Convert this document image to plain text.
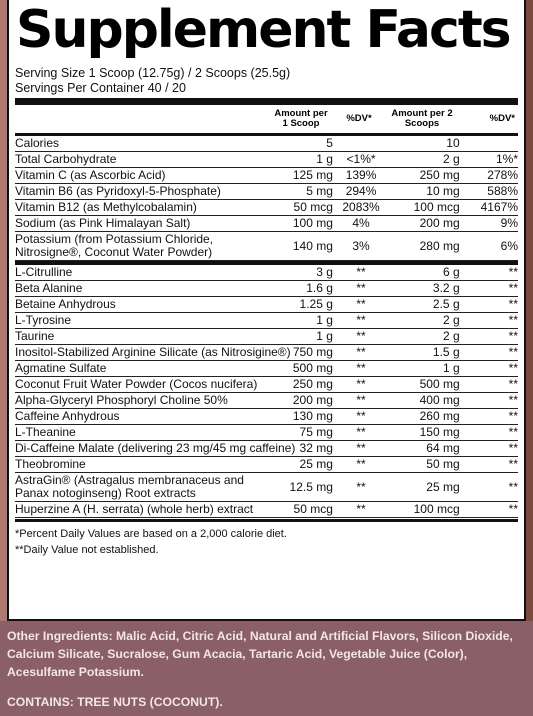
Supplement Facts
Serving Size 1 Scoop (12.75g) / 2 Scoops (25.5g)
Servings Per Container 40 / 20
Amount per 1 Scoop	%DV*	Amount per 2 Scoops	%DV*
Calories	5		10	
Total Carbohydrate	1 g	<1%*	2 g	1%*
Vitamin C (as Ascorbic Acid)	125 mg	139%	250 mg	278%
Vitamin B6 (as Pyridoxyl-5-Phosphate)	5 mg	294%	10 mg	588%
Vitamin B12 (as Methylcobalamin)	50 mcg	2083%	100 mcg	4167%
Sodium (as Pink Himalayan Salt)	100 mg	4%	200 mg	9%
Potassium (from Potassium Chloride, Nitrosigne®, Coconut Water Powder)	140 mg	3%	280 mg	6%
L-Citrulline	3 g	**	6 g	**
Beta Alanine	1.6 g	**	3.2 g	**
Betaine Anhydrous	1.25 g	**	2.5 g	**
L-Tyrosine	1 g	**	2 g	**
Taurine	1 g	**	2 g	**
Inositol-Stabilized Arginine Silicate (as Nitrosigine®)	750 mg	**	1.5 g	**
Agmatine Sulfate	500 mg	**	1 g	**
Coconut Fruit Water Powder (Cocos nucifera)	250 mg	**	500 mg	**
Alpha-Glyceryl Phosphoryl Choline 50%	200 mg	**	400 mg	**
Caffeine Anhydrous	130 mg	**	260 mg	**
L-Theanine	75 mg	**	150 mg	**
Di-Caffeine Malate (delivering 23 mg/45 mg caffeine)	32 mg	**	64 mg	**
Theobromine	25 mg	**	50 mg	**
AstraGin® (Astragalus membranaceus and Panax notoginseng) Root extracts	12.5 mg	**	25 mg	**
Huperzine A (H. serrata) (whole herb) extract	50 mcg	**	100 mcg	**
*Percent Daily Values are based on a 2,000 calorie diet.
**Daily Value not established.
Other Ingredients: Malic Acid, Citric Acid, Natural and Artificial Flavors, Silicon Dioxide, Calcium Silicate, Sucralose, Gum Acacia, Tartaric Acid, Vegetable Juice (Color), Acesulfame Potassium.
CONTAINS: TREE NUTS (COCONUT).
